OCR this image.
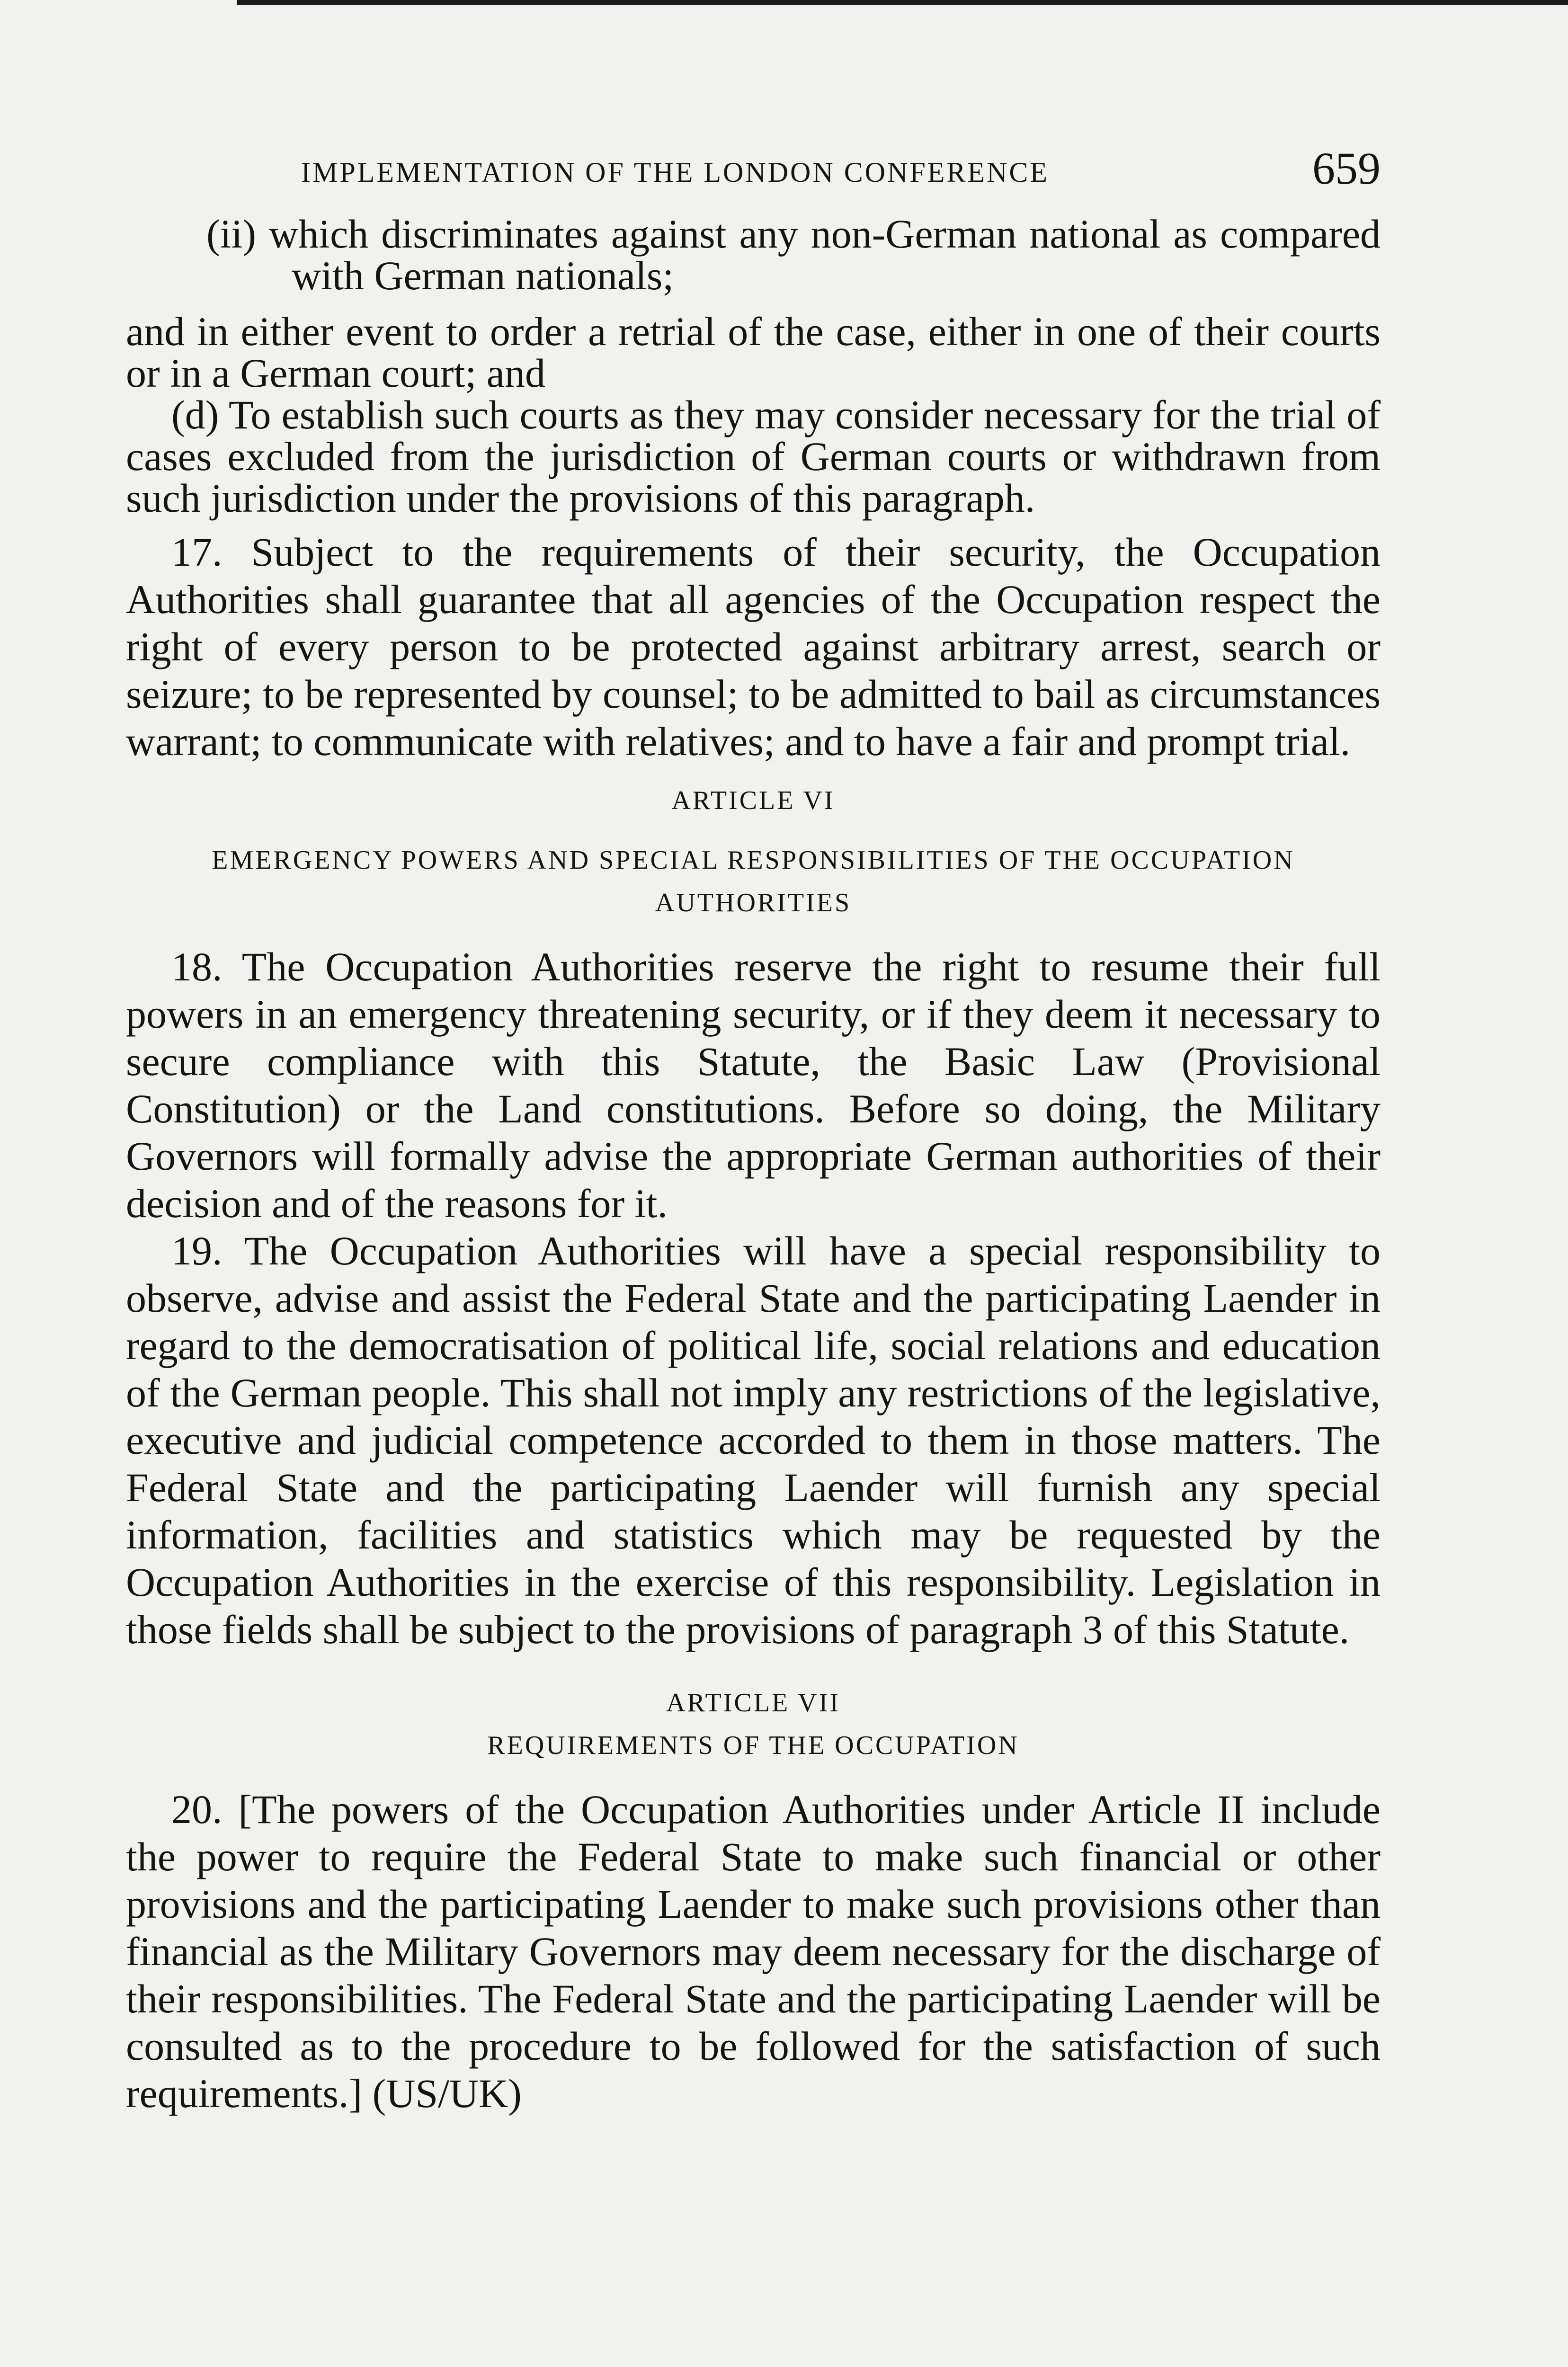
IMPLEMENTATION OF THE LONDON CONFERENCE	659

(ii) which discriminates against any non-German national as compared with German nationals;

and in either event to order a retrial of the case, either in one of their courts or in a German court; and

(d) To establish such courts as they may consider necessary for the trial of cases excluded from the jurisdiction of German courts or withdrawn from such jurisdiction under the provisions of this paragraph.

17. Subject to the requirements of their security, the Occupation Authorities shall guarantee that all agencies of the Occupation respect the right of every person to be protected against arbitrary arrest, search or seizure; to be represented by counsel; to be admitted to bail as circumstances warrant; to communicate with relatives; and to have a fair and prompt trial.

ARTICLE VI
EMERGENCY POWERS AND SPECIAL RESPONSIBILITIES OF THE OCCUPATION
AUTHORITIES

18. The Occupation Authorities reserve the right to resume their full powers in an emergency threatening security, or if they deem it necessary to secure compliance with this Statute, the Basic Law (Provisional Constitution) or the Land constitutions. Before so doing, the Military Governors will formally advise the appropriate German authorities of their decision and of the reasons for it.

19. The Occupation Authorities will have a special responsibility to observe, advise and assist the Federal State and the participating Laender in regard to the democratisation of political life, social relations and education of the German people. This shall not imply any restrictions of the legislative, executive and judicial competence accorded to them in those matters. The Federal State and the participating Laender will furnish any special information, facilities and statistics which may be requested by the Occupation Authorities in the exercise of this responsibility. Legislation in those fields shall be subject to the provisions of paragraph 3 of this Statute.

ARTICLE VII
REQUIREMENTS OF THE OCCUPATION

20. [The powers of the Occupation Authorities under Article II include the power to require the Federal State to make such financial or other provisions and the participating Laender to make such provisions other than financial as the Military Governors may deem necessary for the discharge of their responsibilities. The Federal State and the participating Laender will be consulted as to the procedure to be followed for the satisfaction of such requirements.] (US/UK)
